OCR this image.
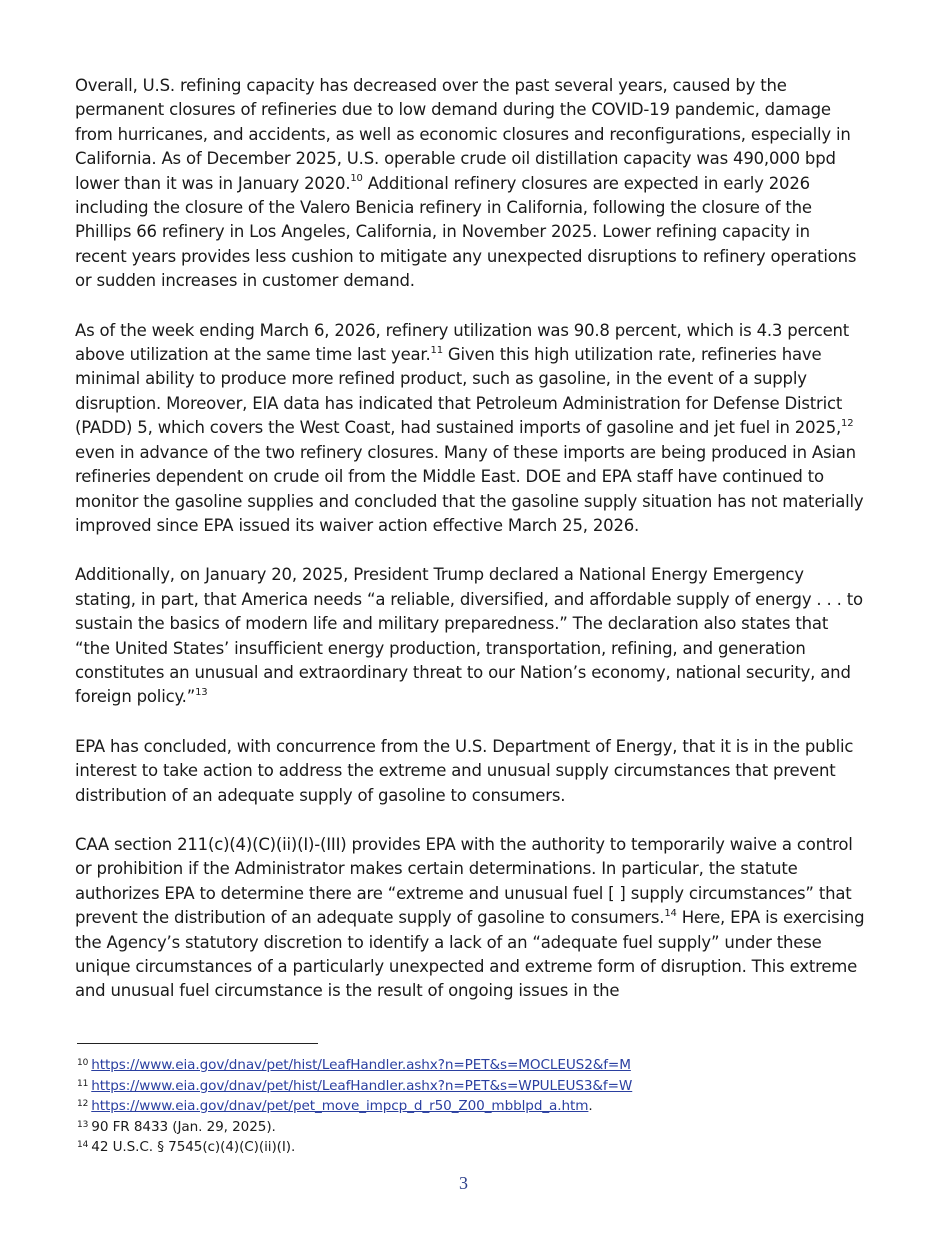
Overall, U.S. refining capacity has decreased over the past several years, caused by the permanent closures of refineries due to low demand during the COVID-19 pandemic, damage from hurricanes, and accidents, as well as economic closures and reconfigurations, especially in California. As of December 2025, U.S. operable crude oil distillation capacity was 490,000 bpd lower than it was in January 2020.10 Additional refinery closures are expected in early 2026 including the closure of the Valero Benicia refinery in California, following the closure of the Phillips 66 refinery in Los Angeles, California, in November 2025. Lower refining capacity in recent years provides less cushion to mitigate any unexpected disruptions to refinery operations or sudden increases in customer demand.

As of the week ending March 6, 2026, refinery utilization was 90.8 percent, which is 4.3 percent above utilization at the same time last year.$^{11}$ Given this high utilization rate, refineries have minimal ability to produce more refined product, such as gasoline, in the event of a supply disruption. Moreover, EIA data has indicated that Petroleum Administration for Defense District (PADD) 5, which covers the West Coast, had sustained imports of gasoline and jet fuel in 2025,12 even in advance of the two refinery closures. Many of these imports are being produced in Asian refineries dependent on crude oil from the Middle East. DOE and EPA staff have continued to monitor the gasoline supplies and concluded that the gasoline supply situation has not materially improved since EPA issued its waiver action effective March 25, 2026.

Additionally, on January 20, 2025, President Trump declared a National Energy Emergency stating, in part, that America needs “a reliable, diversified, and affordable supply of energy . . . to sustain the basics of modern life and military preparedness.” The declaration also states that “the United States’ insufficient energy production, transportation, refining, and generation constitutes an unusual and extraordinary threat to our Nation’s economy, national security, and foreign policy.”$^{13}$

EPA has concluded, with concurrence from the U.S. Department of Energy, that it is in the public interest to take action to address the extreme and unusual supply circumstances that prevent distribution of an adequate supply of gasoline to consumers.

CAA section 211(c)(4)(C)(ii)(I)-(III) provides EPA with the authority to temporarily waive a control or prohibition if the Administrator makes certain determinations. In particular, the statute authorizes EPA to determine there are “extreme and unusual fuel [ ] supply circumstances” that prevent the distribution of an adequate supply of gasoline to consumers.$^{14}$ Here, EPA is exercising the Agency’s statutory discretion to identify a lack of an “adequate fuel supply” under these unique circumstances of a particularly unexpected and extreme form of disruption. This extreme and unusual fuel circumstance is the result of ongoing issues in the

$^{10}$ https://www.eia.gov/dnav/pet/hist/LeafHandler.ashx?n=PET&s=MOCLEUS2&f=M
$^{11}$ https://www.eia.gov/dnav/pet/hist/LeafHandler.ashx?n=PET&s=WPULEUS3&f=W
$^{12}$ https://www.eia.gov/dnav/pet/pet_move_impcp_d_r50_Z00_mbblpd_a.htm.
$^{13}$ 90 FR 8433 (Jan. 29, 2025).
$^{14}$ 42 U.S.C. § 7545(c)(4)(C)(ii)(I).
3
